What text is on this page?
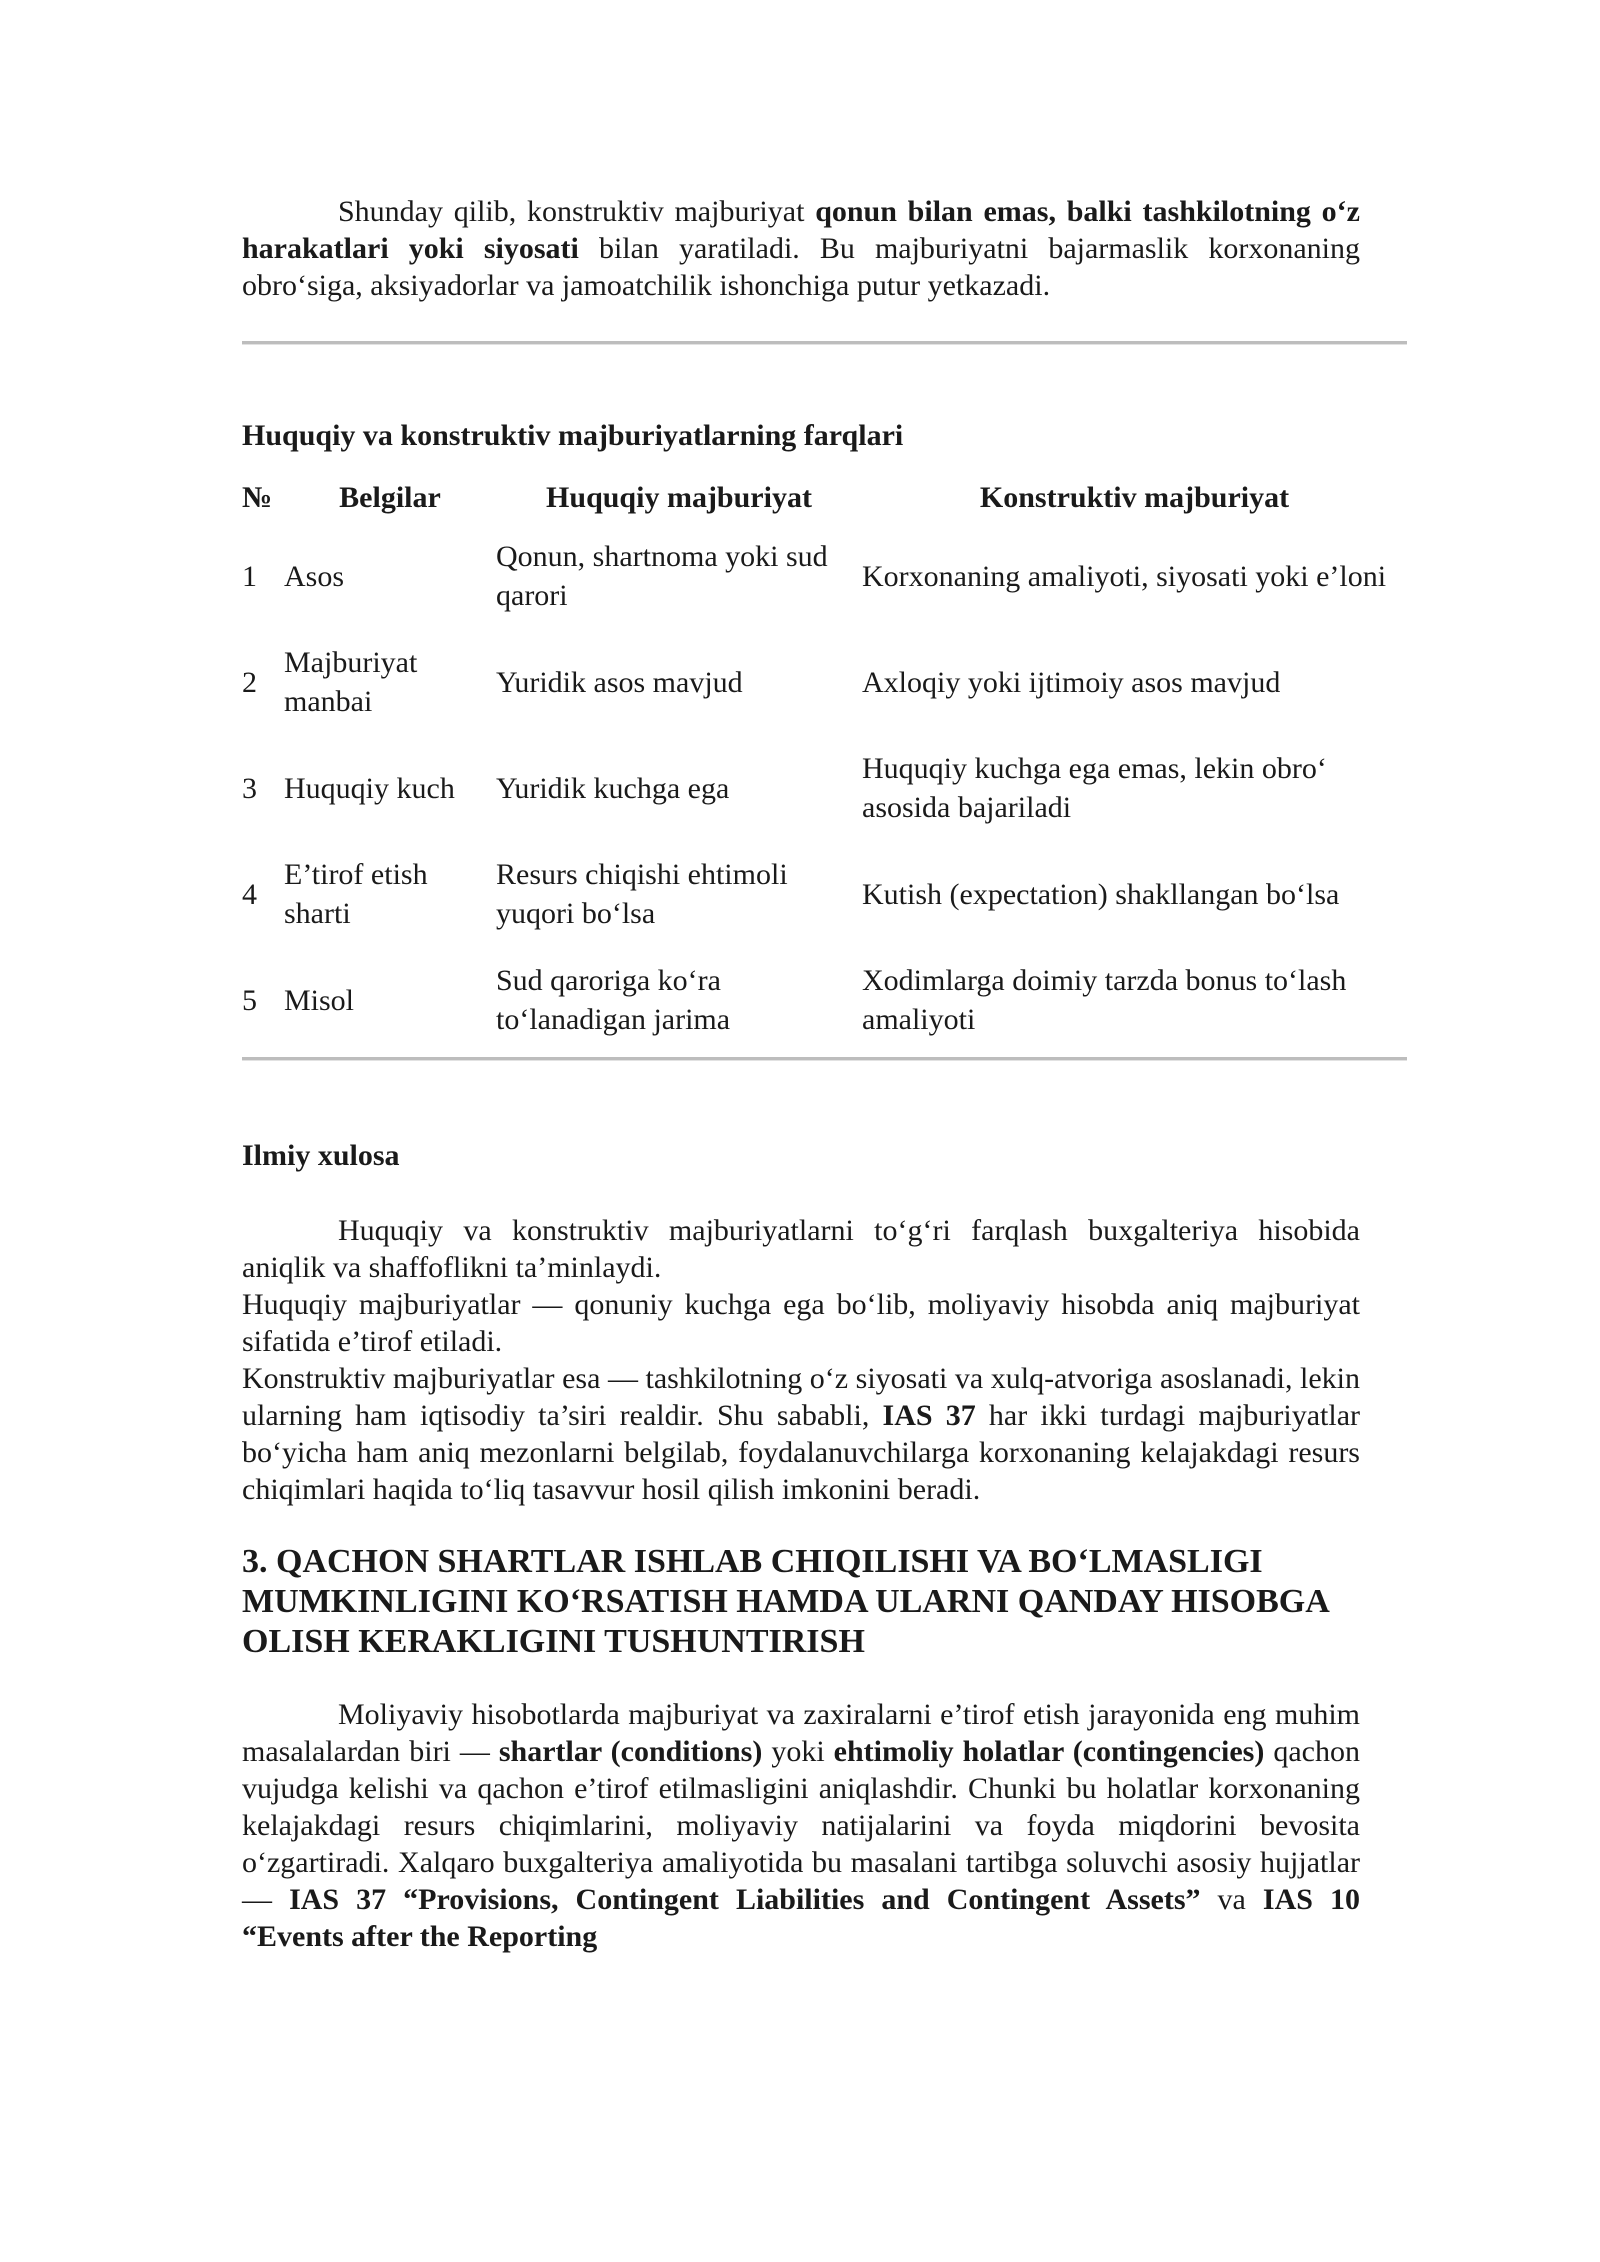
Shunday qilib, konstruktiv majburiyat qonun bilan emas, balki tashkilotning o‘z harakatlari yoki siyosati bilan yaratiladi. Bu majburiyatni bajarmaslik korxonaning obro‘siga, aksiyadorlar va jamoatchilik ishonchiga putur yetkazadi.

Huquqiy va konstruktiv majburiyatlarning farqlari

№	Belgilar	Huquqiy majburiyat	Konstruktiv majburiyat
1	Asos	Qonun, shartnoma yoki sud qarori	Korxonaning amaliyoti, siyosati yoki e’loni
2	Majburiyat manbai	Yuridik asos mavjud	Axloqiy yoki ijtimoiy asos mavjud
3	Huquqiy kuch	Yuridik kuchga ega	Huquqiy kuchga ega emas, lekin obro‘ asosida bajariladi
4	E’tirof etish sharti	Resurs chiqishi ehtimoli yuqori bo‘lsa	Kutish (expectation) shakllangan bo‘lsa
5	Misol	Sud qaroriga ko‘ra to‘lanadigan jarima	Xodimlarga doimiy tarzda bonus to‘lash amaliyoti

Ilmiy xulosa

Huquqiy va konstruktiv majburiyatlarni to‘g‘ri farqlash buxgalteriya hisobida aniqlik va shaffoflikni ta’minlaydi.

Huquqiy majburiyatlar — qonuniy kuchga ega bo‘lib, moliyaviy hisobda aniq majburiyat sifatida e’tirof etiladi.

Konstruktiv majburiyatlar esa — tashkilotning o‘z siyosati va xulq-atvoriga asoslanadi, lekin ularning ham iqtisodiy ta’siri realdir. Shu sababli, IAS 37 har ikki turdagi majburiyatlar bo‘yicha ham aniq mezonlarni belgilab, foydalanuvchilarga korxonaning kelajakdagi resurs chiqimlari haqida to‘liq tasavvur hosil qilish imkonini beradi.

3. QACHON SHARTLAR ISHLAB CHIQILISHI VA BO‘LMASLIGI MUMKINLIGINI KO‘RSATISH HAMDA ULARNI QANDAY HISOBGA OLISH KERAKLIGINI TUSHUNTIRISH

Moliyaviy hisobotlarda majburiyat va zaxiralarni e’tirof etish jarayonida eng muhim masalalardan biri — shartlar (conditions) yoki ehtimoliy holatlar (contingencies) qachon vujudga kelishi va qachon e’tirof etilmasligini aniqlashdir. Chunki bu holatlar korxonaning kelajakdagi resurs chiqimlarini, moliyaviy natijalarini va foyda miqdorini bevosita o‘zgartiradi. Xalqaro buxgalteriya amaliyotida bu masalani tartibga soluvchi asosiy hujjatlar — IAS 37 “Provisions, Contingent Liabilities and Contingent Assets” va IAS 10 “Events after the Reporting
